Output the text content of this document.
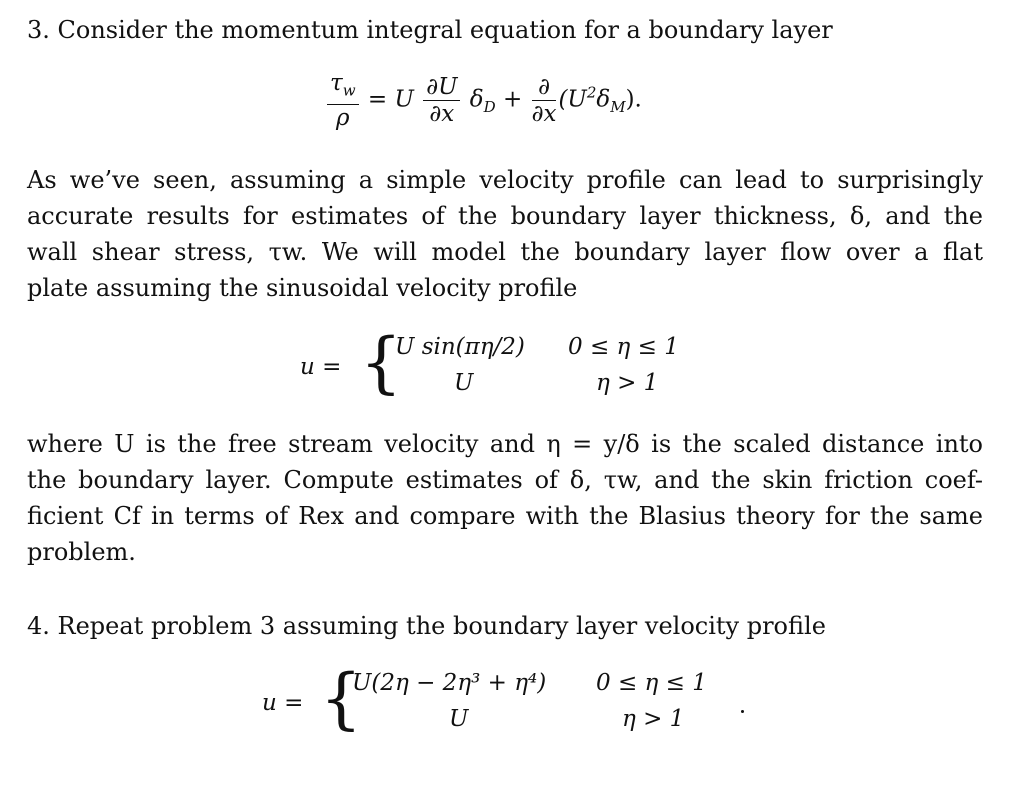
3. Consider the momentum integral equation for a boundary layer
$\frac{\tau_w}{\rho} = U \frac{\partial U}{\partial x} \delta_D + \frac{\partial}{\partial x} (U^2\delta_M)$.
As we’ve seen, assuming a simple velocity profile can lead to surprisingly
accurate results for estimates of the boundary layer thickness, δ, and the
wall shear stress, τw. We will model the boundary layer flow over a flat
plate assuming the sinusoidal velocity profile
u = {
U sin(πη/2) 0 ≤ η ≤ 1
U	η > 1
where U is the free stream velocity and η = y/δ is the scaled distance into
the boundary layer. Compute estimates of δ, τw, and the skin friction coef-
ficient Cf in terms of Rex and compare with the Blasius theory for the same
problem.
4. Repeat problem 3 assuming the boundary layer velocity profile
u = {
U(2η − 2η³ + η⁴) 0 ≤ η ≤ 1
U	η > 1
